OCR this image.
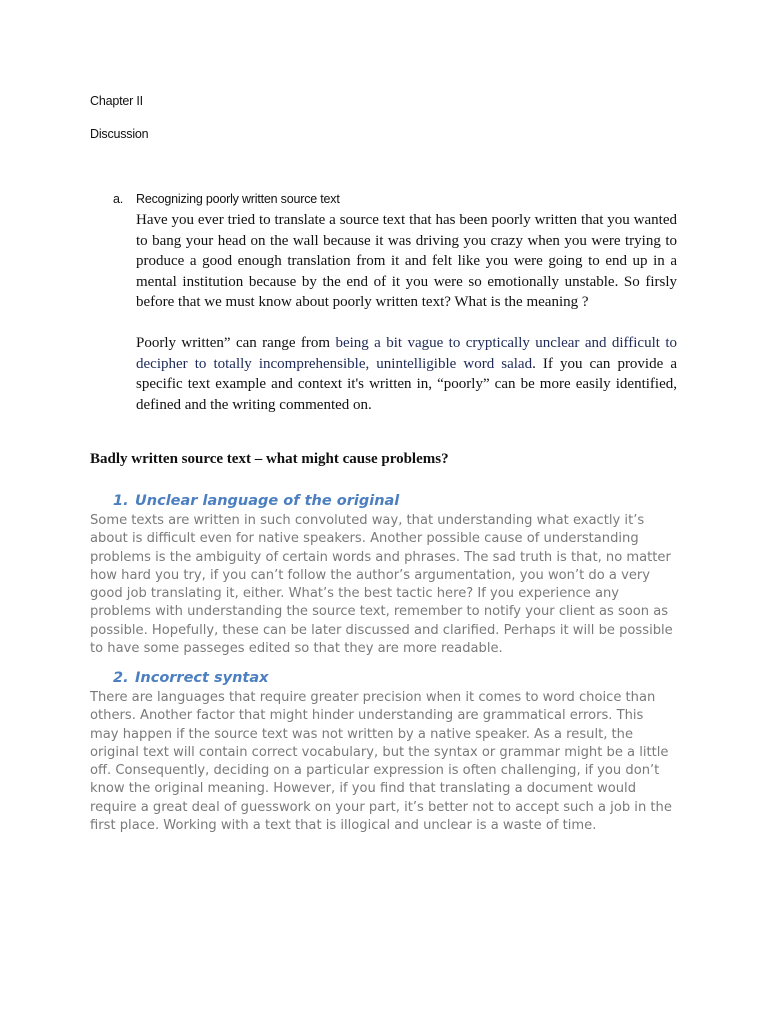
Chapter II
Discussion
a. Recognizing poorly written source text

Have you ever tried to translate a source text that has been poorly written that you wanted to bang your head on the wall because it was driving you crazy when you were trying to produce a good enough translation from it and felt like you were going to end up in a mental institution because by the end of it you were so emotionally unstable. So firsly before that we must know about poorly written text? What is the meaning ?

Poorly written” can range from being a bit vague to cryptically unclear and difficult to decipher to totally incomprehensible, unintelligible word salad. If you can provide a specific text example and context it's written in, “poorly” can be more easily identified, defined and the writing commented on.

Badly written source text – what might cause problems?
1. Unclear language of the original
Some texts are written in such convoluted way, that understanding what exactly it’s
about is difficult even for native speakers. Another possible cause of understanding
problems is the ambiguity of certain words and phrases. The sad truth is that, no matter
how hard you try, if you can’t follow the author’s argumentation, you won’t do a very
good job translating it, either. What’s the best tactic here? If you experience any
problems with understanding the source text, remember to notify your client as soon as
possible. Hopefully, these can be later discussed and clarified. Perhaps it will be possible
to have some passeges edited so that they are more readable.
2. Incorrect syntax
There are languages that require greater precision when it comes to word choice than
others. Another factor that might hinder understanding are grammatical errors. This
may happen if the source text was not written by a native speaker. As a result, the
original text will contain correct vocabulary, but the syntax or grammar might be a little
off. Consequently, deciding on a particular expression is often challenging, if you don’t
know the original meaning. However, if you find that translating a document would
require a great deal of guesswork on your part, it’s better not to accept such a job in the
first place. Working with a text that is illogical and unclear is a waste of time.
